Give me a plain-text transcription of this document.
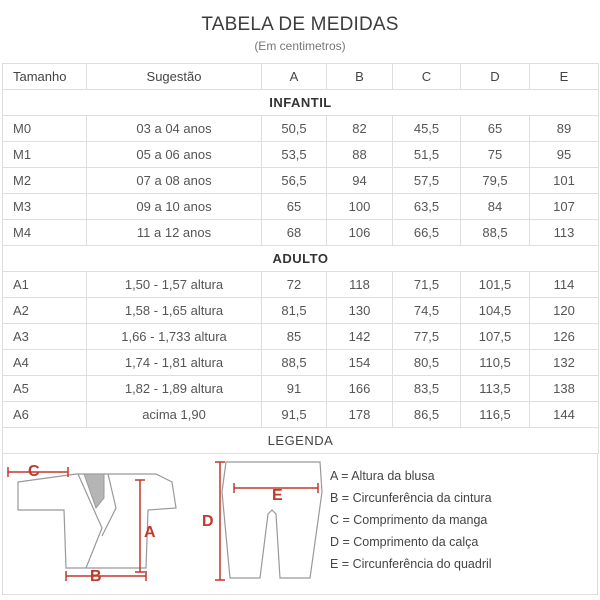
TABELA DE MEDIDAS
(Em centimetros)
Tamanho	Sugestão	A	B	C	D	E
INFANTIL						
M0	03 a 04 anos	50,5	82	45,5	65	89
M1	05 a 06 anos	53,5	88	51,5	75	95
M2	07 a 08 anos	56,5	94	57,5	79,5	101
M3	09 a 10 anos	65	100	63,5	84	107
M4	11 a 12 anos	68	106	66,5	88,5	113
ADULTO						
A1	1,50 - 1,57 altura	72	118	71,5	101,5	114
A2	1,58 - 1,65 altura	81,5	130	74,5	104,5	120
A3	1,66 - 1,733 altura	85	142	77,5	107,5	126
A4	1,74 - 1,81 altura	88,5	154	80,5	110,5	132
A5	1,82 - 1,89 altura	91	166	83,5	113,5	138
A6	acima 1,90	91,5	178	86,5	116,5	144
LEGENDA						
C
A
B
D
E
A = Altura da blusa
B = Circunferência da cintura
C = Comprimento da manga
D = Comprimento da calça
E = Circunferência do quadril
